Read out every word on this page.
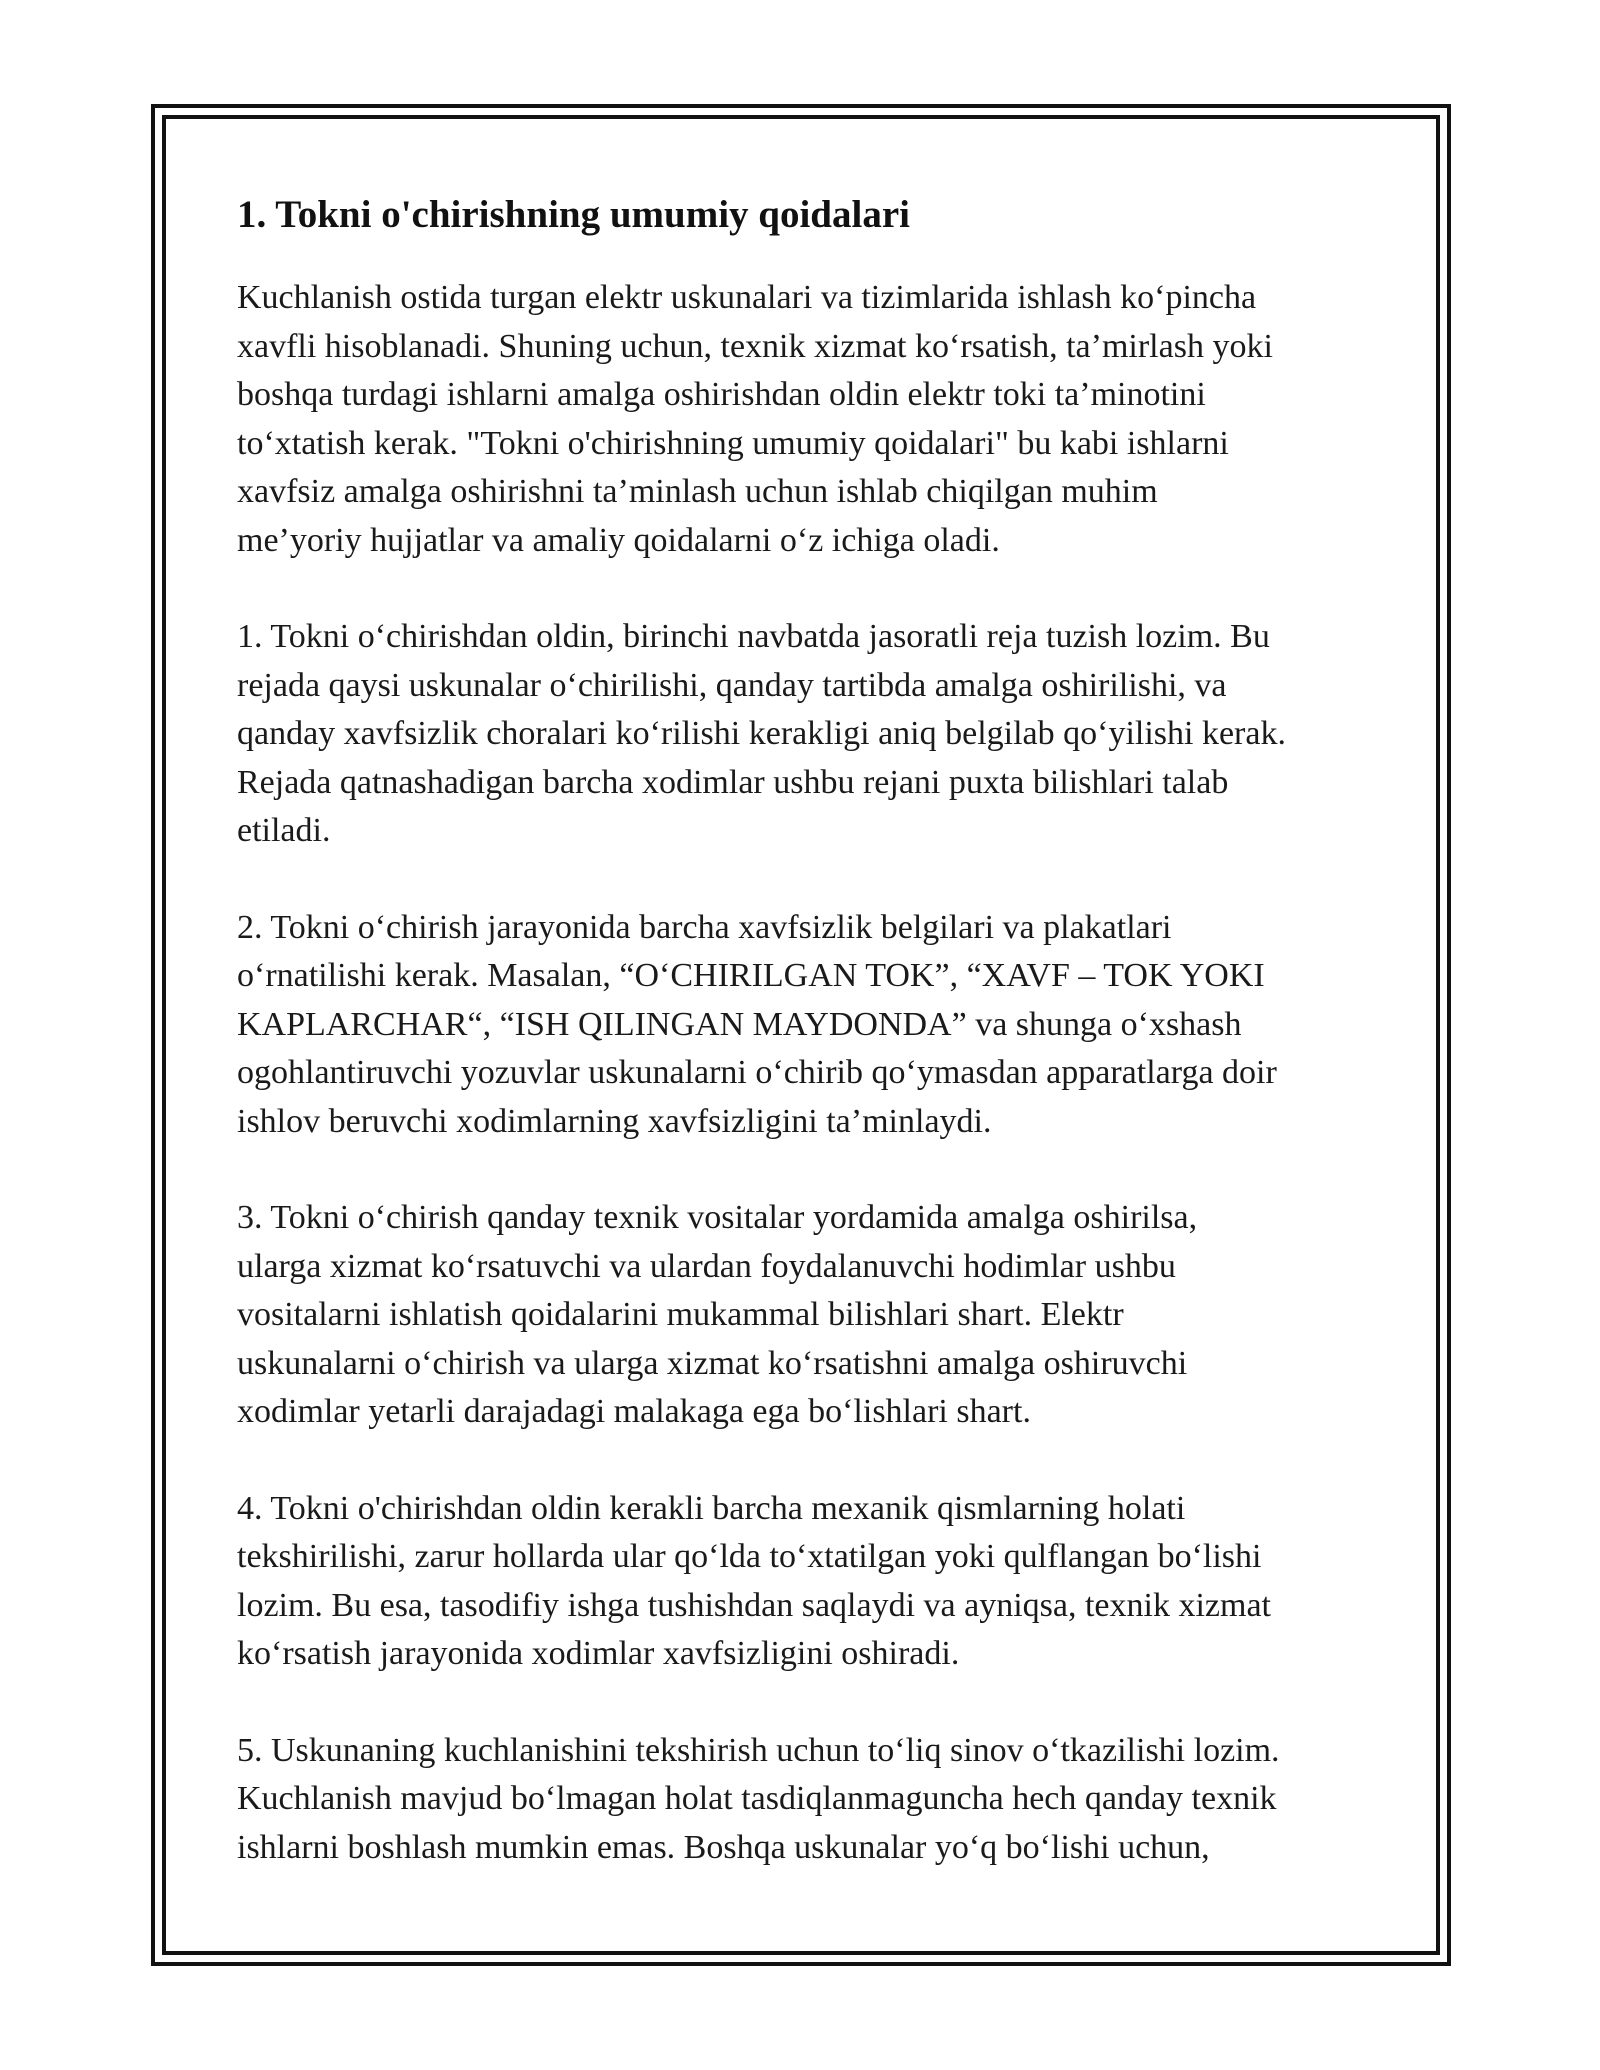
1. Tokni o'chirishning umumiy qoidalari

Kuchlanish ostida turgan elektr uskunalari va tizimlarida ishlash ko‘pincha
xavfli hisoblanadi. Shuning uchun, texnik xizmat ko‘rsatish, ta’mirlash yoki
boshqa turdagi ishlarni amalga oshirishdan oldin elektr toki ta’minotini
to‘xtatish kerak. "Tokni o'chirishning umumiy qoidalari" bu kabi ishlarni
xavfsiz amalga oshirishni ta’minlash uchun ishlab chiqilgan muhim
me’yoriy hujjatlar va amaliy qoidalarni o‘z ichiga oladi.

1. Tokni o‘chirishdan oldin, birinchi navbatda jasoratli reja tuzish lozim. Bu
rejada qaysi uskunalar o‘chirilishi, qanday tartibda amalga oshirilishi, va
qanday xavfsizlik choralari ko‘rilishi kerakligi aniq belgilab qo‘yilishi kerak.
Rejada qatnashadigan barcha xodimlar ushbu rejani puxta bilishlari talab
etiladi.

2. Tokni o‘chirish jarayonida barcha xavfsizlik belgilari va plakatlari
o‘rnatilishi kerak. Masalan, “O‘CHIRILGAN TOK”, “XAVF – TOK YOKI
KAPLARCHAR“, “ISH QILINGAN MAYDONDA” va shunga o‘xshash
ogohlantiruvchi yozuvlar uskunalarni o‘chirib qo‘ymasdan apparatlarga doir
ishlov beruvchi xodimlarning xavfsizligini ta’minlaydi.

3. Tokni o‘chirish qanday texnik vositalar yordamida amalga oshirilsa,
ularga xizmat ko‘rsatuvchi va ulardan foydalanuvchi hodimlar ushbu
vositalarni ishlatish qoidalarini mukammal bilishlari shart. Elektr
uskunalarni o‘chirish va ularga xizmat ko‘rsatishni amalga oshiruvchi
xodimlar yetarli darajadagi malakaga ega bo‘lishlari shart.

4. Tokni o'chirishdan oldin kerakli barcha mexanik qismlarning holati
tekshirilishi, zarur hollarda ular qo‘lda to‘xtatilgan yoki qulflangan bo‘lishi
lozim. Bu esa, tasodifiy ishga tushishdan saqlaydi va ayniqsa, texnik xizmat
ko‘rsatish jarayonida xodimlar xavfsizligini oshiradi.

5. Uskunaning kuchlanishini tekshirish uchun to‘liq sinov o‘tkazilishi lozim.
Kuchlanish mavjud bo‘lmagan holat tasdiqlanmaguncha hech qanday texnik
ishlarni boshlash mumkin emas. Boshqa uskunalar yo‘q bo‘lishi uchun,
